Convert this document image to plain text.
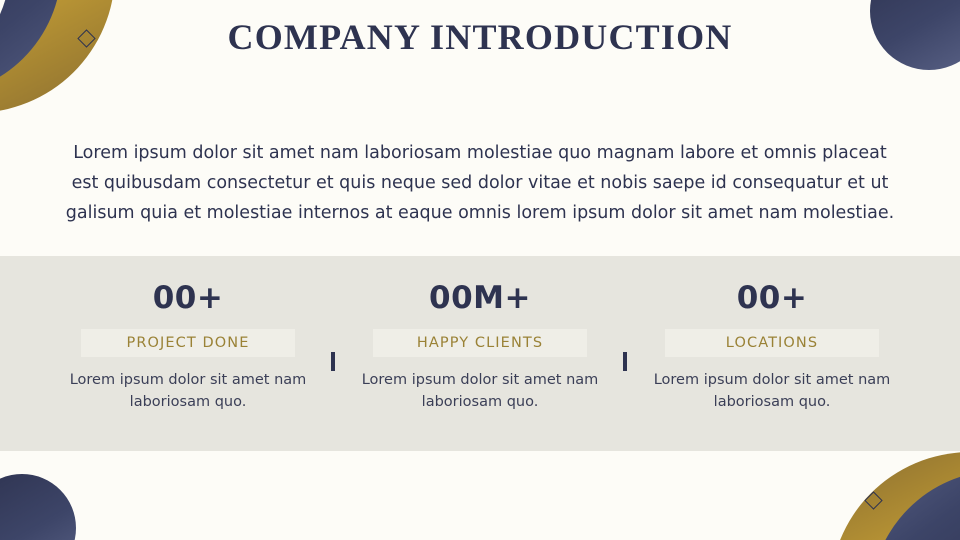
COMPANY INTRODUCTION
Lorem ipsum dolor sit amet nam laboriosam molestiae quo magnam labore et omnis placeat est quibusdam consectetur et quis neque sed dolor vitae et nobis saepe id consequatur et ut galisum quia et molestiae internos at eaque omnis lorem ipsum dolor sit amet nam molestiae.
00+
PROJECT DONE
Lorem ipsum dolor sit amet nam laboriosam quo.
00M+
HAPPY CLIENTS
Lorem ipsum dolor sit amet nam laboriosam quo.
00+
LOCATIONS
Lorem ipsum dolor sit amet nam laboriosam quo.
